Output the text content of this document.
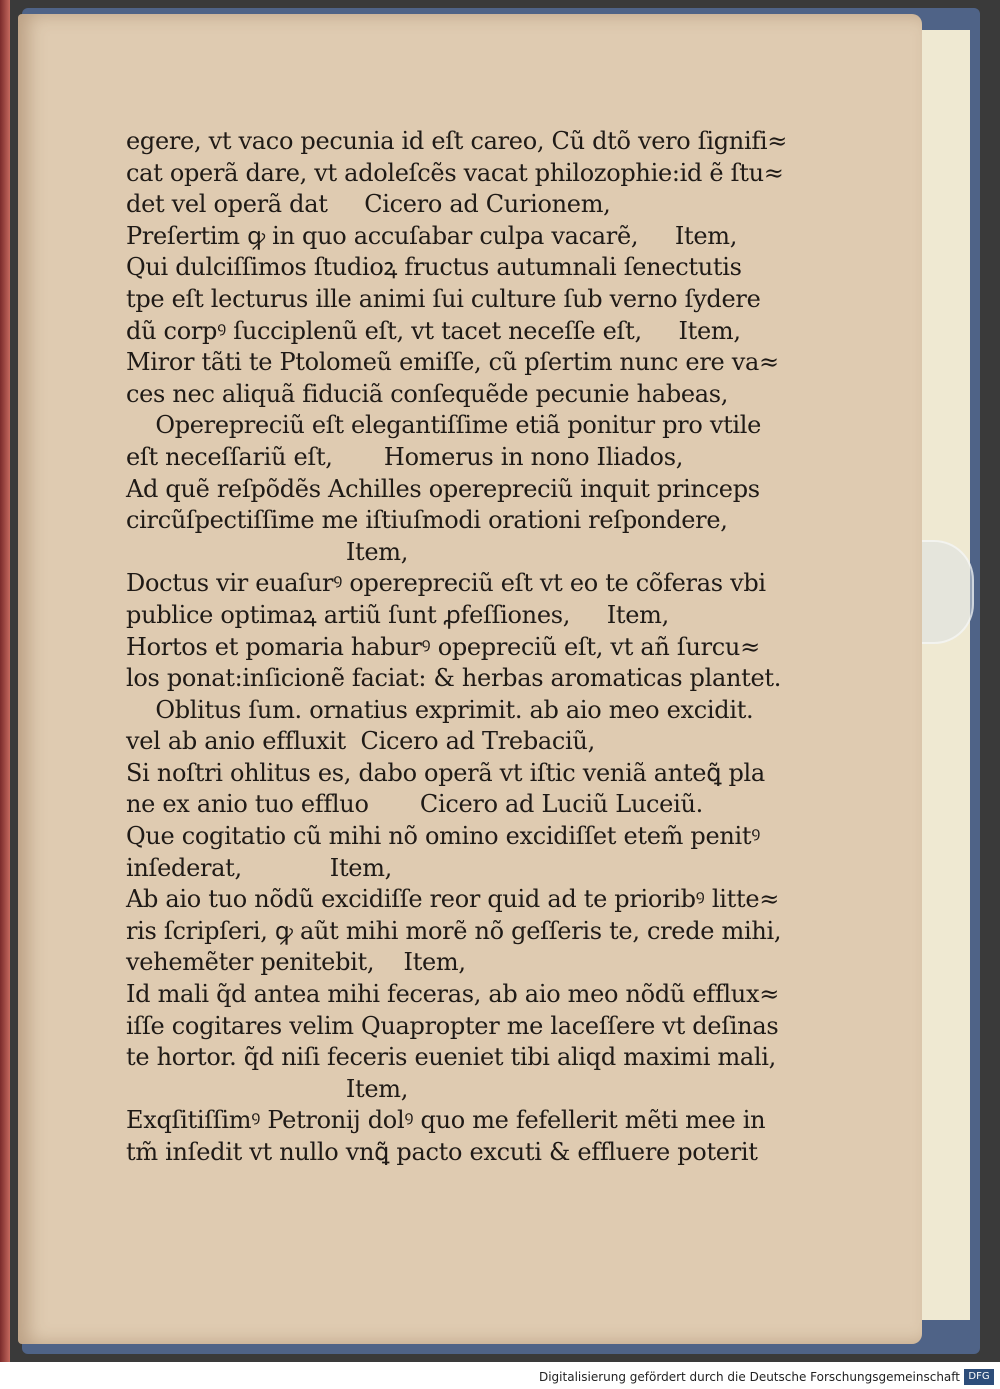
egere, vt vaco pecunia id eſt careo, Cũ dtõ vero ſignifi≈
cat operã dare, vt adoleſcẽs vacat philozophie:id ẽ ſtu≈
det vel operã dat     Cicero ad Curionem,
Preſertim ꝙ in quo accuſabar culpa vacarẽ,     Item,
Qui dulciſſimos ſtudioꝝ fructus autumnali ſenectutis
tpe eſt lecturus ille animi ſui culture ſub verno ſydere
dũ corpꝰ ſucciplenũ eſt, vt tacet neceſſe eſt,     Item,
Miror tãti te Ptolomeũ emiſſe, cũ pſertim nunc ere va≈
ces nec aliquã fiduciã conſequẽde pecunie habeas,
Operepreciũ eſt elegantiſſime etiã ponitur pro vtile
eſt neceſſariũ eſt,       Homerus in nono Iliados,
Ad quẽ reſpõdẽs Achilles operepreciũ inquit princeps
circũſpectiſſime me iſtiuſmodi orationi reſpondere,
Item,
Doctus vir euaſurꝰ operepreciũ eſt vt eo te cõferas vbi
publice optimaꝝ artiũ ſunt ꝓfeſſiones,     Item,
Hortos et pomaria haburꝰ opepreciũ eſt, vt añ ſurcu≈
los ponat:inſicionẽ faciat: & herbas aromaticas plantet.
Oblitus ſum. ornatius exprimit. ab aio meo excidit.
vel ab anio effluxit  Cicero ad Trebaciũ,
Si noſtri ohlitus es, dabo operã vt iſtic veniã anteꝗ̃ pla
ne ex anio tuo effluo       Cicero ad Luciũ Luceiũ.
Que cogitatio cũ mihi nõ omino excidiſſet etem̃ penitꝰ
inſederat,            Item,
Ab aio tuo nõdũ excidiſſe reor quid ad te prioribꝰ litte≈
ris ſcripſeri, ꝙ aũt mihi morẽ nõ geſſeris te, crede mihi,
vehemẽter penitebit,    Item,
Id mali q̃d antea mihi feceras, ab aio meo nõdũ efflux≈
iſſe cogitares velim Quapropter me laceſſere vt deſinas
te hortor. q̃d niſi feceris eueniet tibi aliqd maximi mali,
Item,
Exqſitiſſimꝰ Petronij dolꝰ quo me fefellerit mẽti mee in
tm̃ inſedit vt nullo vnꝗ̃ pacto excuti & effluere poterit
Digitalisierung gefördert durch die Deutsche Forschungsgemeinschaft DFG
